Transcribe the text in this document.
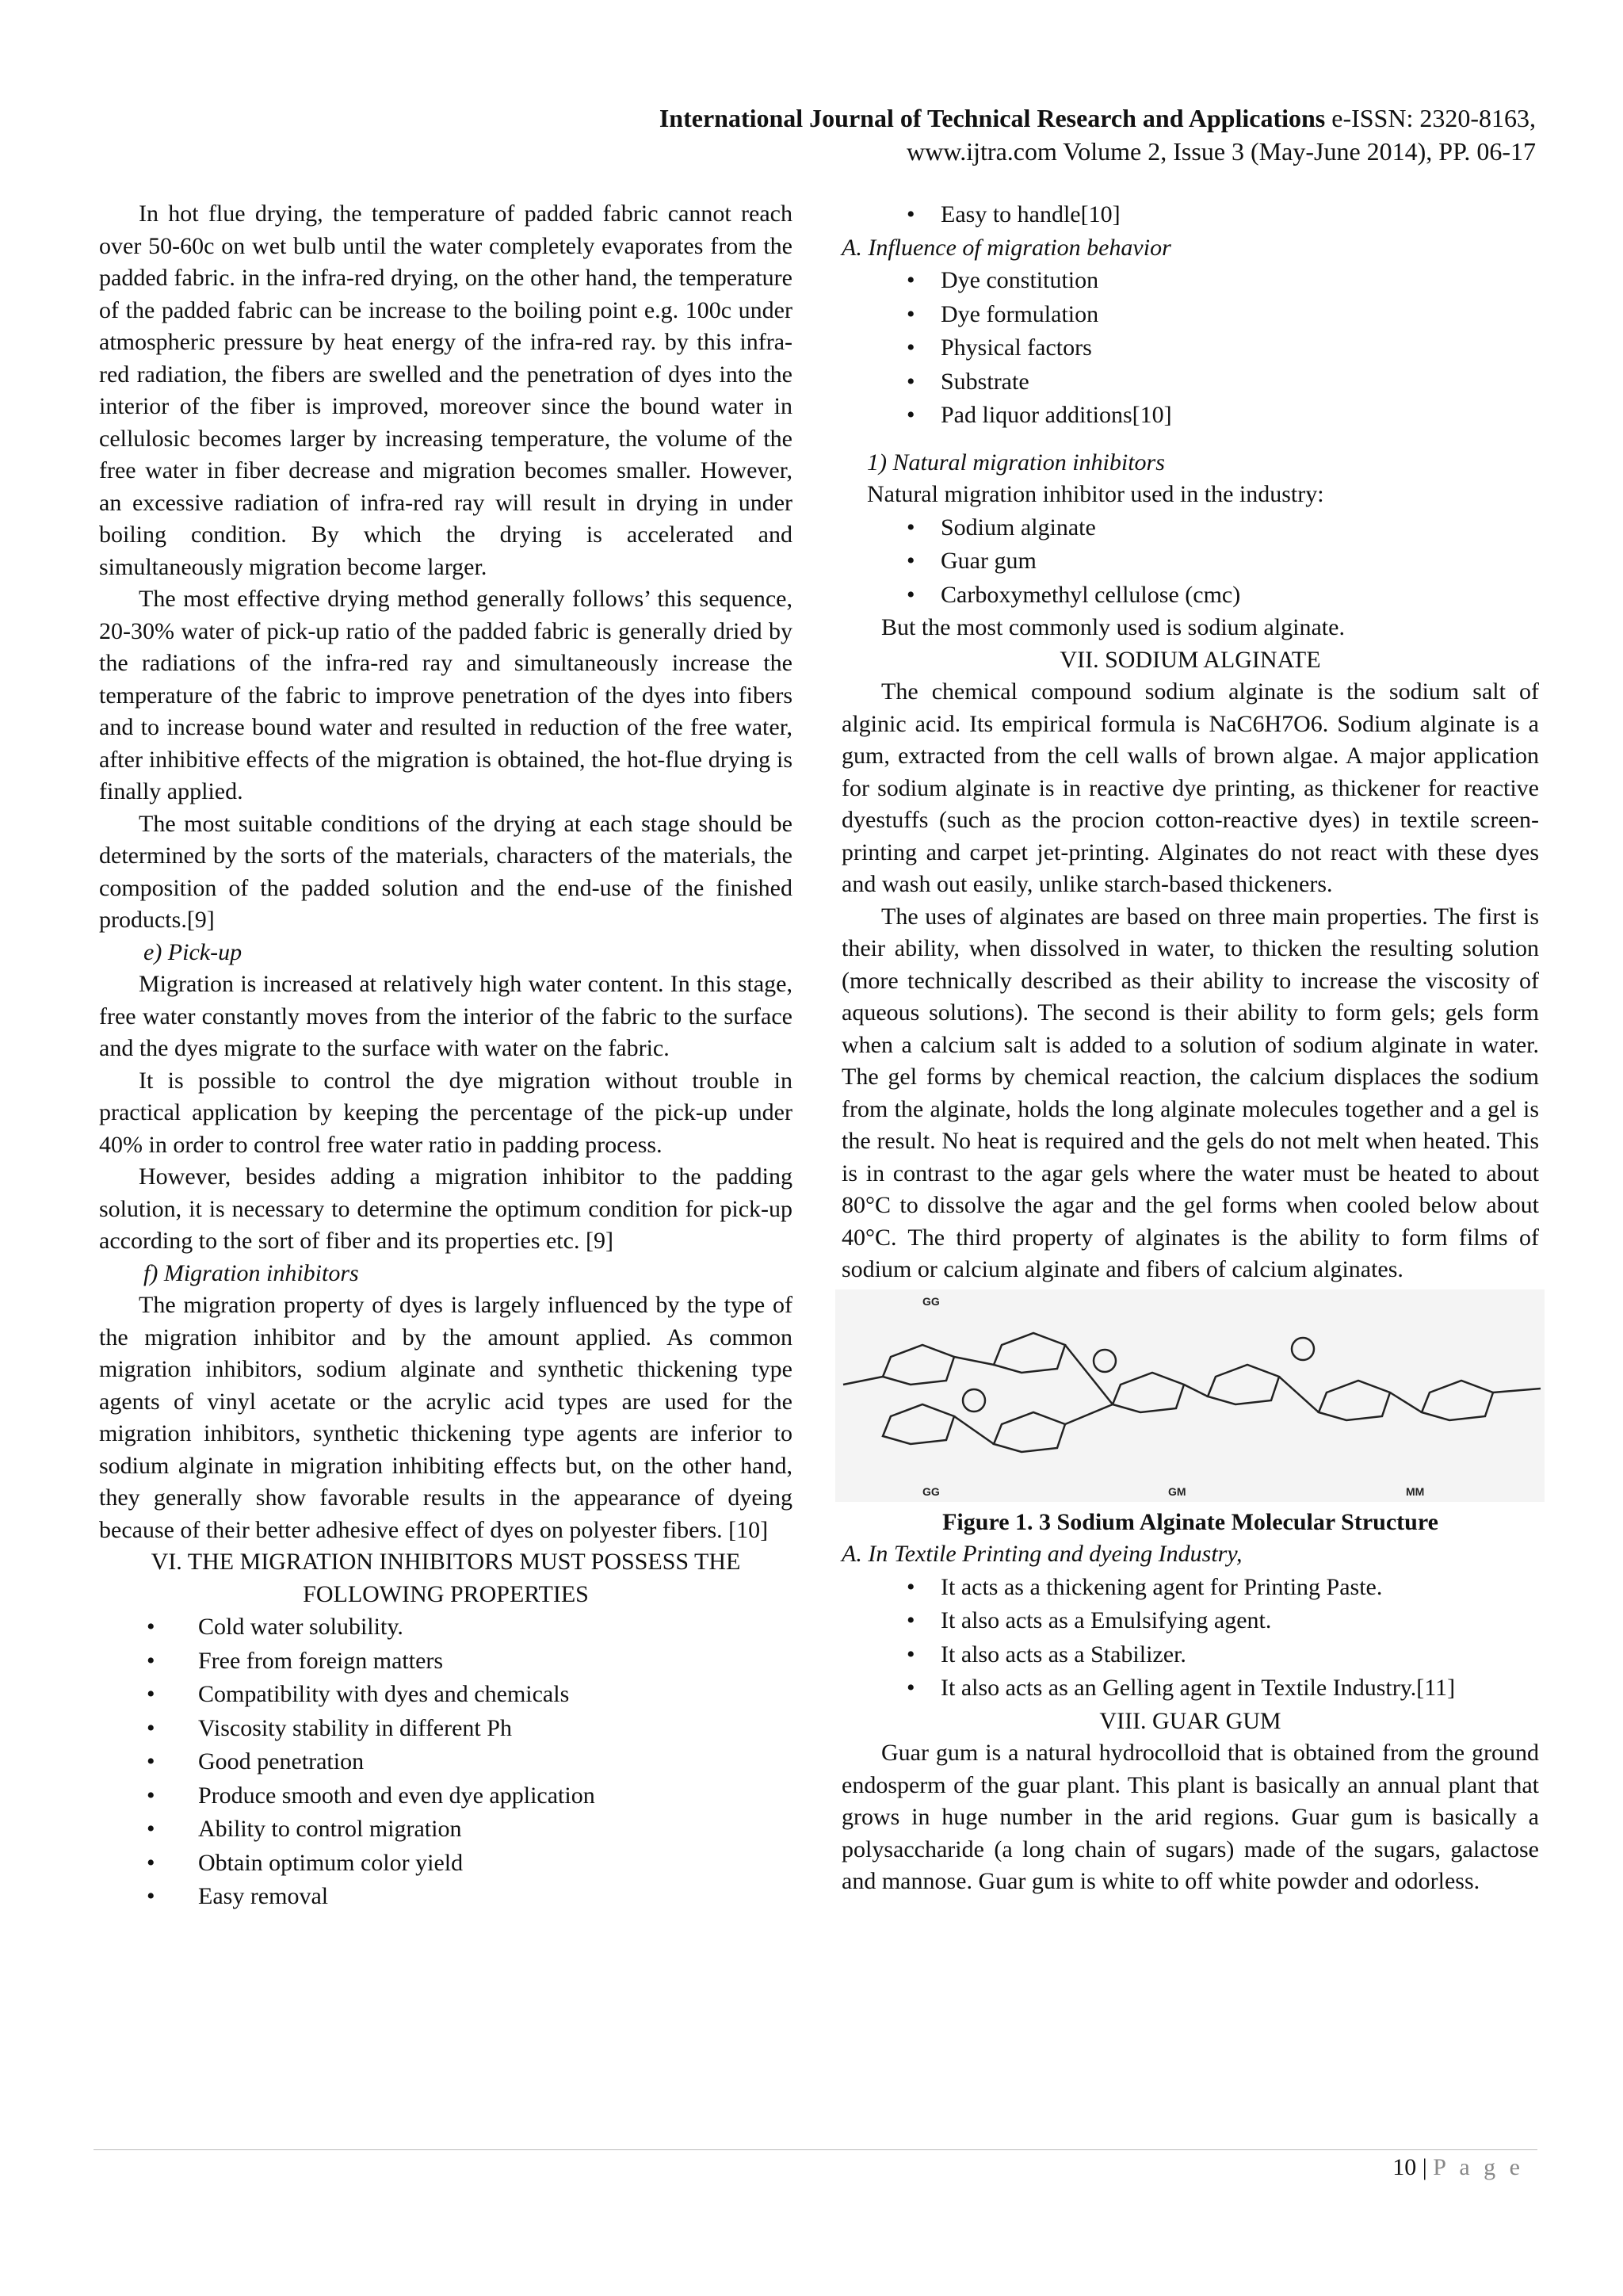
International Journal of Technical Research and Applications e-ISSN: 2320-8163,
www.ijtra.com Volume 2, Issue 3 (May-June 2014), PP. 06-17

In hot flue drying, the temperature of padded fabric cannot reach over 50-60c on wet bulb until the water completely evaporates from the padded fabric. in the infra-red drying, on the other hand, the temperature of the padded fabric can be increase to the boiling point e.g. 100c under atmospheric pressure by heat energy of the infra-red ray. by this infra-red radiation, the fibers are swelled and the penetration of dyes into the interior of the fiber is improved, moreover since the bound water in cellulosic becomes larger by increasing temperature, the volume of the free water in fiber decrease and migration becomes smaller. However, an excessive radiation of infra-red ray will result in drying in under boiling condition. By which the drying is accelerated and simultaneously migration become larger.

The most effective drying method generally follows’ this sequence, 20-30% water of pick-up ratio of the padded fabric is generally dried by the radiations of the infra-red ray and simultaneously increase the temperature of the fabric to improve penetration of the dyes into fibers and to increase bound water and resulted in reduction of the free water, after inhibitive effects of the migration is obtained, the hot-flue drying is finally applied.

The most suitable conditions of the drying at each stage should be determined by the sorts of the materials, characters of the materials, the composition of the padded solution and the end-use of the finished products.[9]

e) Pick-up

Migration is increased at relatively high water content. In this stage, free water constantly moves from the interior of the fabric to the surface and the dyes migrate to the surface with water on the fabric.

It is possible to control the dye migration without trouble in practical application by keeping the percentage of the pick-up under 40% in order to control free water ratio in padding process.

However, besides adding a migration inhibitor to the padding solution, it is necessary to determine the optimum condition for pick-up according to the sort of fiber and its properties etc. [9]

f) Migration inhibitors

The migration property of dyes is largely influenced by the type of the migration inhibitor and by the amount applied. As common migration inhibitors, sodium alginate and synthetic thickening type agents of vinyl acetate or the acrylic acid types are used for the migration inhibitors, synthetic thickening type agents are inferior to sodium alginate in migration inhibiting effects but, on the other hand, they generally show favorable results in the appearance of dyeing because of their better adhesive effect of dyes on polyester fibers. [10]

VI. THE MIGRATION INHIBITORS MUST POSSESS THE FOLLOWING PROPERTIES
• Cold water solubility.
• Free from foreign matters
• Compatibility with dyes and chemicals
• Viscosity stability in different Ph
• Good penetration
• Produce smooth and even dye application
• Ability to control migration
• Obtain optimum color yield
• Easy removal
• Easy to handle[10]
A. Influence of migration behavior
• Dye constitution
• Dye formulation
• Physical factors
• Substrate
• Pad liquor additions[10]
1) Natural migration inhibitors
Natural migration inhibitor used in the industry:
• Sodium alginate
• Guar gum
• Carboxymethyl cellulose (cmc)
But the most commonly used is sodium alginate.
VII. SODIUM ALGINATE

The chemical compound sodium alginate is the sodium salt of alginic acid. Its empirical formula is NaC6H7O6. Sodium alginate is a gum, extracted from the cell walls of brown algae. A major application for sodium alginate is in reactive dye printing, as thickener for reactive dyestuffs (such as the procion cotton-reactive dyes) in textile screen-printing and carpet jet-printing. Alginates do not react with these dyes and wash out easily, unlike starch-based thickeners.

The uses of alginates are based on three main properties. The first is their ability, when dissolved in water, to thicken the resulting solution (more technically described as their ability to increase the viscosity of aqueous solutions). The second is their ability to form gels; gels form when a calcium salt is added to a solution of sodium alginate in water. The gel forms by chemical reaction, the calcium displaces the sodium from the alginate, holds the long alginate molecules together and a gel is the result. No heat is required and the gels do not melt when heated. This is in contrast to the agar gels where the water must be heated to about 80°C to dissolve the agar and the gel forms when cooled below about 40°C. The third property of alginates is the ability to form films of sodium or calcium alginate and fibers of calcium alginates.

GG
GG	GM	MM
Figure 1. 3 Sodium Alginate Molecular Structure
A. In Textile Printing and dyeing Industry,
• It acts as a thickening agent for Printing Paste.
• It also acts as a Emulsifying agent.
• It also acts as a Stabilizer.
• It also acts as an Gelling agent in Textile Industry.[11]
VIII. GUAR GUM

Guar gum is a natural hydrocolloid that is obtained from the ground endosperm of the guar plant. This plant is basically an annual plant that grows in huge number in the arid regions. Guar gum is basically a polysaccharide (a long chain of sugars) made of the sugars, galactose and mannose. Guar gum is white to off white powder and odorless.

10 | P a g e
